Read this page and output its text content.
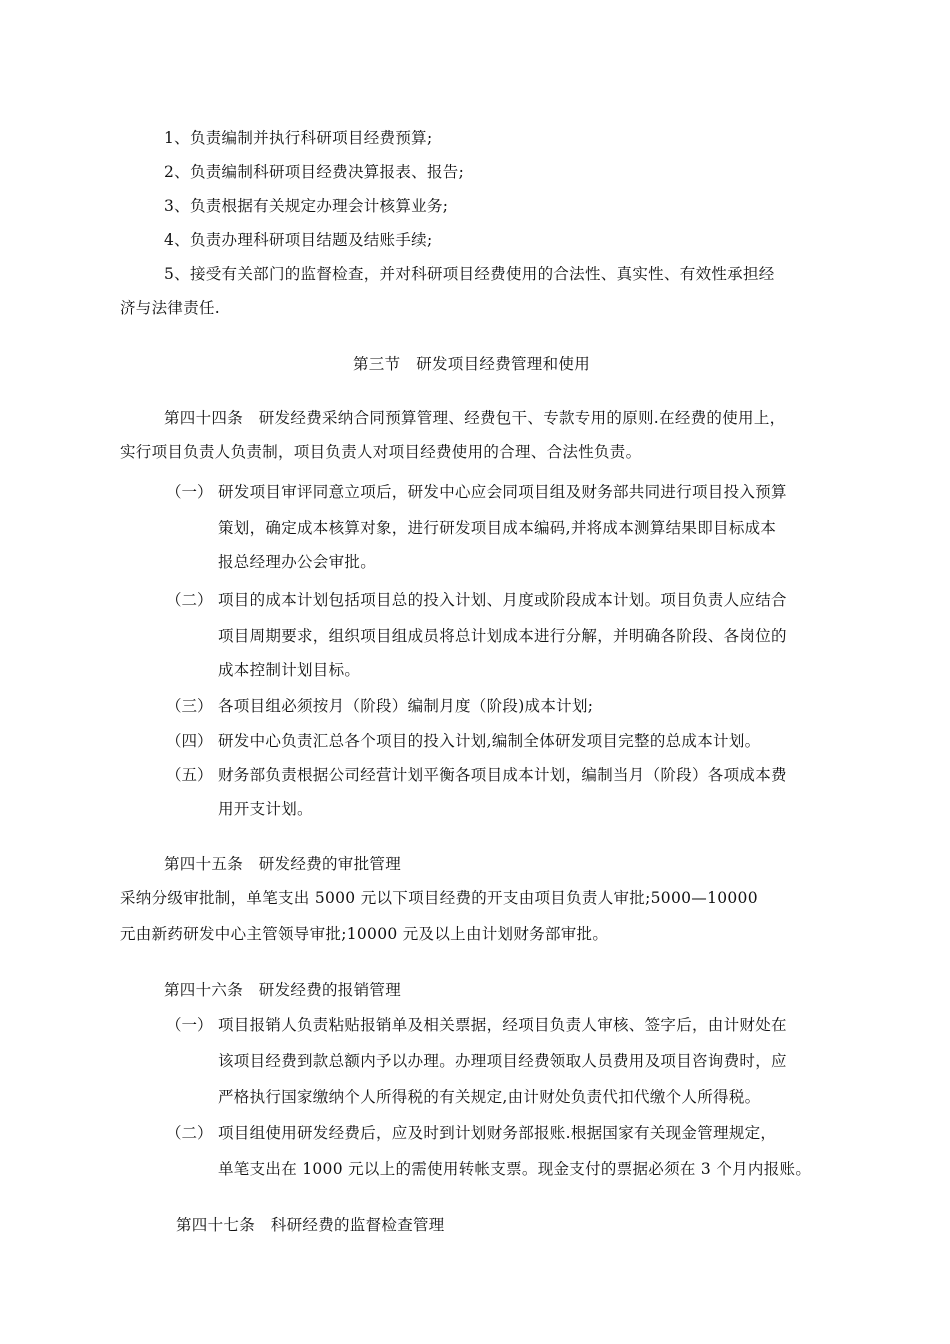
1、负责编制并执行科研项目经费预算;
2、负责编制科研项目经费决算报表、报告;
3、负责根据有关规定办理会计核算业务;
4、负责办理科研项目结题及结账手续;
5、接受有关部门的监督检查，并对科研项目经费使用的合法性、真实性、有效性承担经
济与法律责任.
第三节　研发项目经费管理和使用
第四十四条　研发经费采纳合同预算管理、经费包干、专款专用的原则.在经费的使用上，
实行项目负责人负责制，项目负责人对项目经费使用的合理、合法性负责。
（一） 研发项目审评同意立项后，研发中心应会同项目组及财务部共同进行项目投入预算
策划，确定成本核算对象，进行研发项目成本编码,并将成本测算结果即目标成本
报总经理办公会审批。
（二） 项目的成本计划包括项目总的投入计划、月度或阶段成本计划。项目负责人应结合
项目周期要求，组织项目组成员将总计划成本进行分解，并明确各阶段、各岗位的
成本控制计划目标。
（三） 各项目组必须按月（阶段）编制月度（阶段)成本计划;
（四） 研发中心负责汇总各个项目的投入计划,编制全体研发项目完整的总成本计划。
（五） 财务部负责根据公司经营计划平衡各项目成本计划，编制当月（阶段）各项成本费
用开支计划。
第四十五条　研发经费的审批管理
采纳分级审批制，单笔支出 5000 元以下项目经费的开支由项目负责人审批;5000—10000
元由新药研发中心主管领导审批;10000 元及以上由计划财务部审批。
第四十六条　研发经费的报销管理
（一） 项目报销人负责粘贴报销单及相关票据，经项目负责人审核、签字后，由计财处在
该项目经费到款总额内予以办理。办理项目经费领取人员费用及项目咨询费时，应
严格执行国家缴纳个人所得税的有关规定,由计财处负责代扣代缴个人所得税。
（二） 项目组使用研发经费后，应及时到计划财务部报账.根据国家有关现金管理规定，
单笔支出在 1000 元以上的需使用转帐支票。现金支付的票据必须在 3 个月内报账。
第四十七条　科研经费的监督检查管理
